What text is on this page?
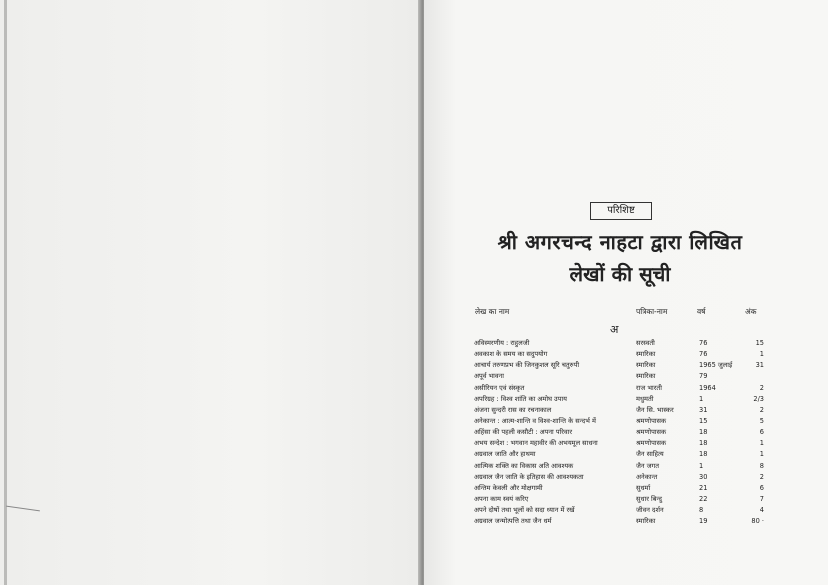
परिशिष्ट
श्री अगरचन्द नाहटा द्वारा लिखित
लेखों की सूची
लेख का नाम	पत्रिका-नाम	वर्ष	अंक
अ
अविस्मरणीय : राहुलजी	सरस्वती	76	15
अवकाश के समय का सदुपयोग	स्मारिका	76	1
आचार्य तरुणप्रभ की जिनकुशल सूरि चतुरुपी	स्मारिका	1965 जुलाई	31
अपूर्व भावना	स्मारिका	79
असीरियन एवं संस्कृत	राज भारती	1964	2
अपरिग्रह : विश्व शांति का अमोघ उपाय	मधुमती	1	2/3
अंजना सुन्दरी रास का रचनाकाल	जैन सि. भास्कर	31	2
अनेकान्त : आत्म-शान्ति व विश्व-शान्ति के सन्दर्भ में	श्रमणोपासक	15	5
अहिंसा की पहली कसौटी : अपना परिवार	श्रमणोपासक	18	6
अभय सन्देश : भगवान महावीर की अभयमूल साधना	श्रमणोपासक	18	1
अग्रवाल जाति और हाथमा	जैन साहित्य	18	1
आत्मिक शक्ति का विकास अति आवश्यक	जैन जगत	1	8
अग्रवाल जैन जाति के इतिहास की आवश्यकता	अनेकान्त	30	2
अन्तिम केवली और मोक्षगामी	सुधर्मा	21	6
अपना काम स्वयं करिए	सुधार बिन्दु	22	7
अपने दोषों तथा भूलों को सदा ध्यान में रखें	जीवन दर्शन	8	4
अग्रवाल जन्मोत्पत्ति तथा जैन धर्म	स्मारिका	19	80 ·
